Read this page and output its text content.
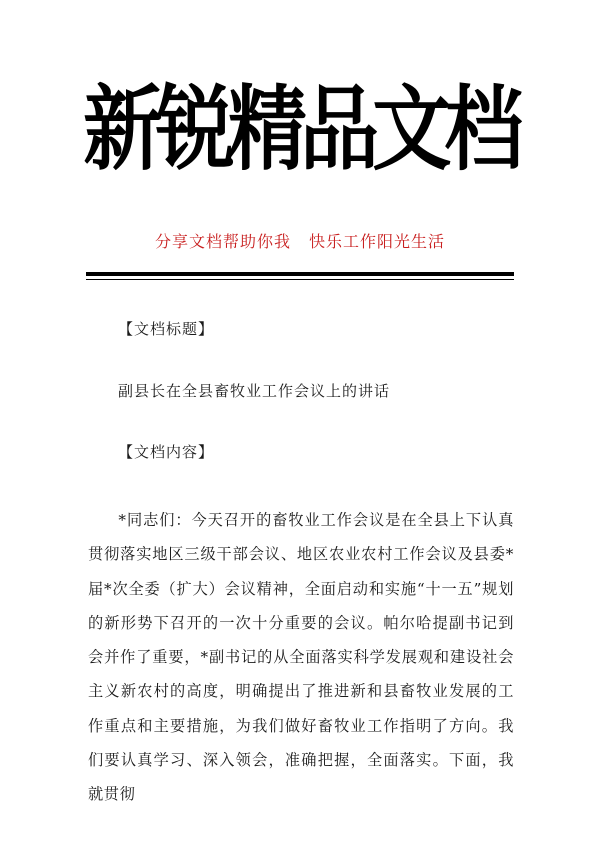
新锐精品文档
分享文档帮助你我 快乐工作阳光生活
【文档标题】
副县长在全县畜牧业工作会议上的讲话
【文档内容】
*同志们：今天召开的畜牧业工作会议是在全县上下认真贯彻落实地区三级干部会议、地区农业农村工作会议及县委*届*次全委（扩大）会议精神，全面启动和实施“十一五”规划的新形势下召开的一次十分重要的会议。帕尔哈提副书记到会并作了重要，*副书记的从全面落实科学发展观和建设社会主义新农村的高度，明确提出了推进新和县畜牧业发展的工作重点和主要措施，为我们做好畜牧业工作指明了方向。我们要认真学习、深入领会，准确把握，全面落实。下面，我就贯彻
